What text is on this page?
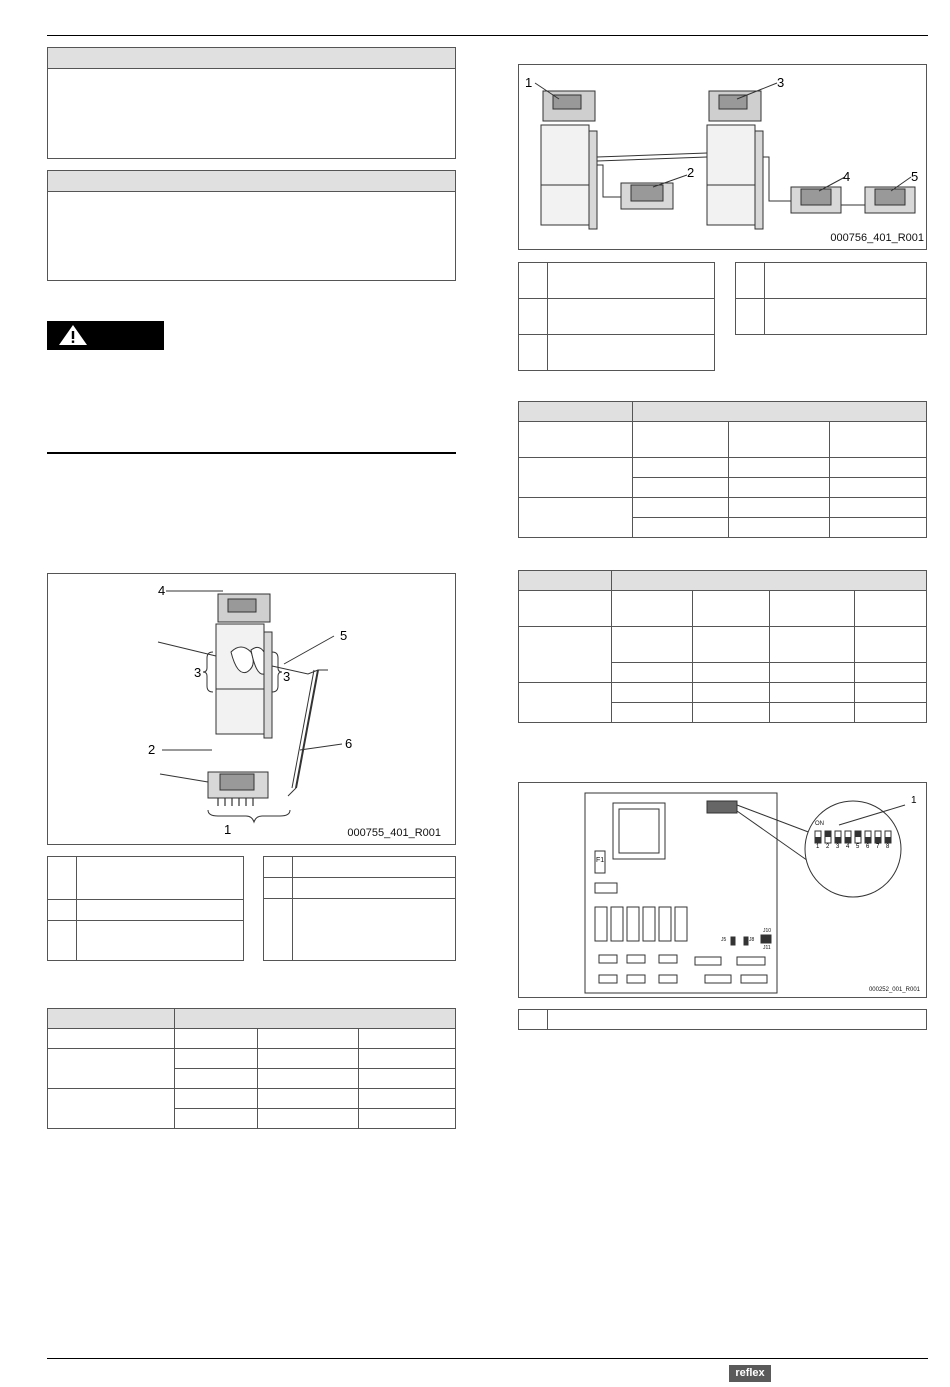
4
5
3	3
2	6
1	000755_401_R001

1	3
2	4	5
000756_401_R001

F1
ON
1 2 3 4 5 6 7 8
J5	J8
J10
J11
1
000252_001_R001

reflex
